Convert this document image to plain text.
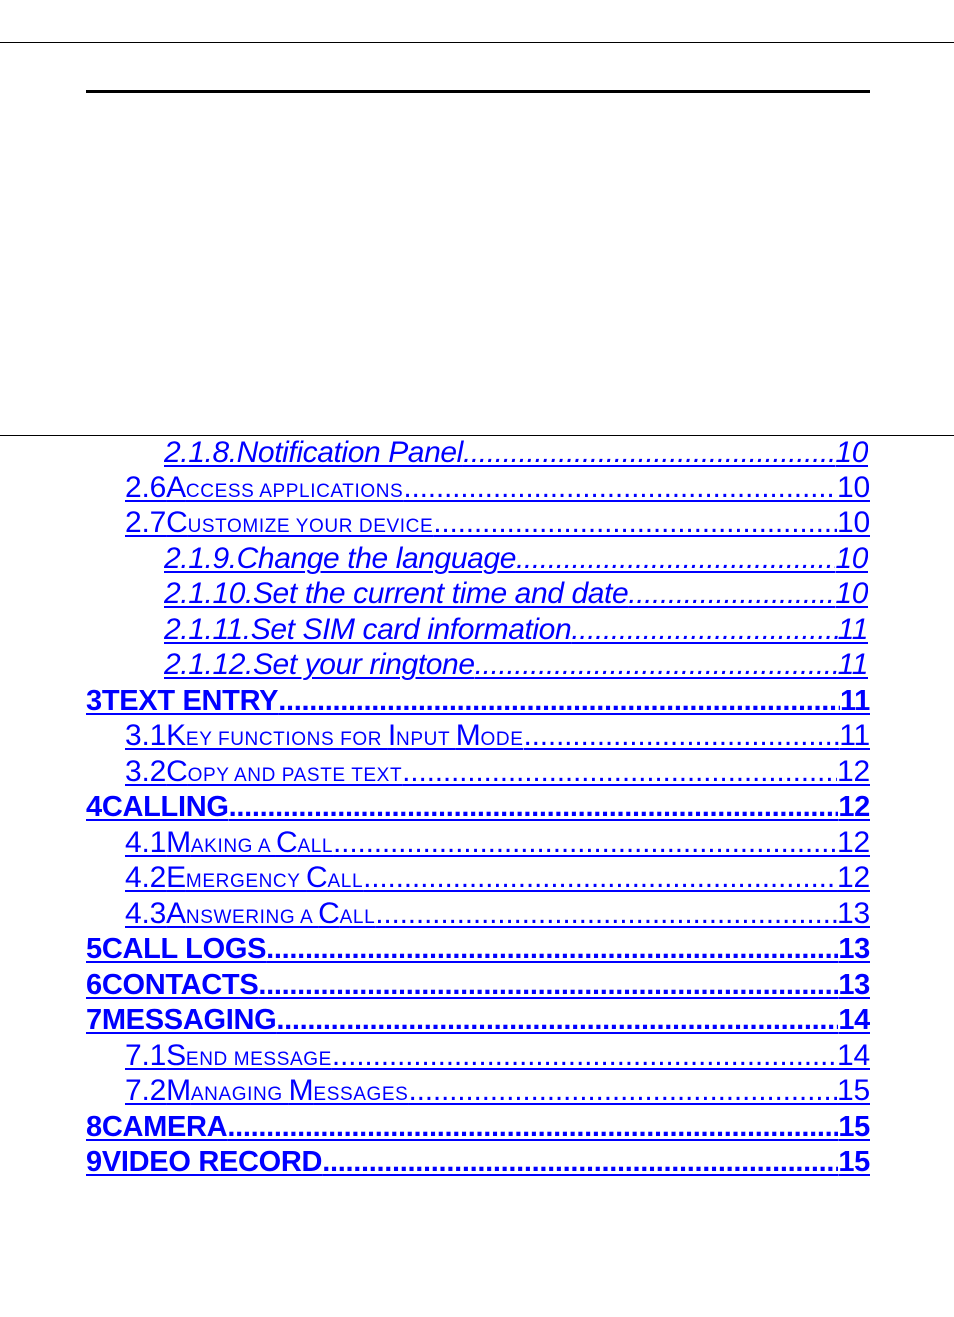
2.1.8.Notification Panel .....	10
2.6ACCESS APPLICATIONS .....	10
2.7CUSTOMIZE YOUR DEVICE .....	10
2.1.9.Change the language .....	10
2.1.10.Set the current time and date .....	10
2.1.11.Set SIM card information .....	11
2.1.12.Set your ringtone .....	11
3TEXT ENTRY .....	11
3.1KEY FUNCTIONS FOR INPUT MODE .....	11
3.2COPY AND PASTE TEXT .....	12
4CALLING .....	12
4.1MAKING A CALL .....	12
4.2EMERGENCY CALL .....	12
4.3ANSWERING A CALL .....	13
5CALL LOGS .....	13
6CONTACTS .....	13
7MESSAGING .....	14
7.1SEND MESSAGE .....	14
7.2MANAGING MESSAGES .....	15
8CAMERA .....	15
9VIDEO RECORD .....	15
